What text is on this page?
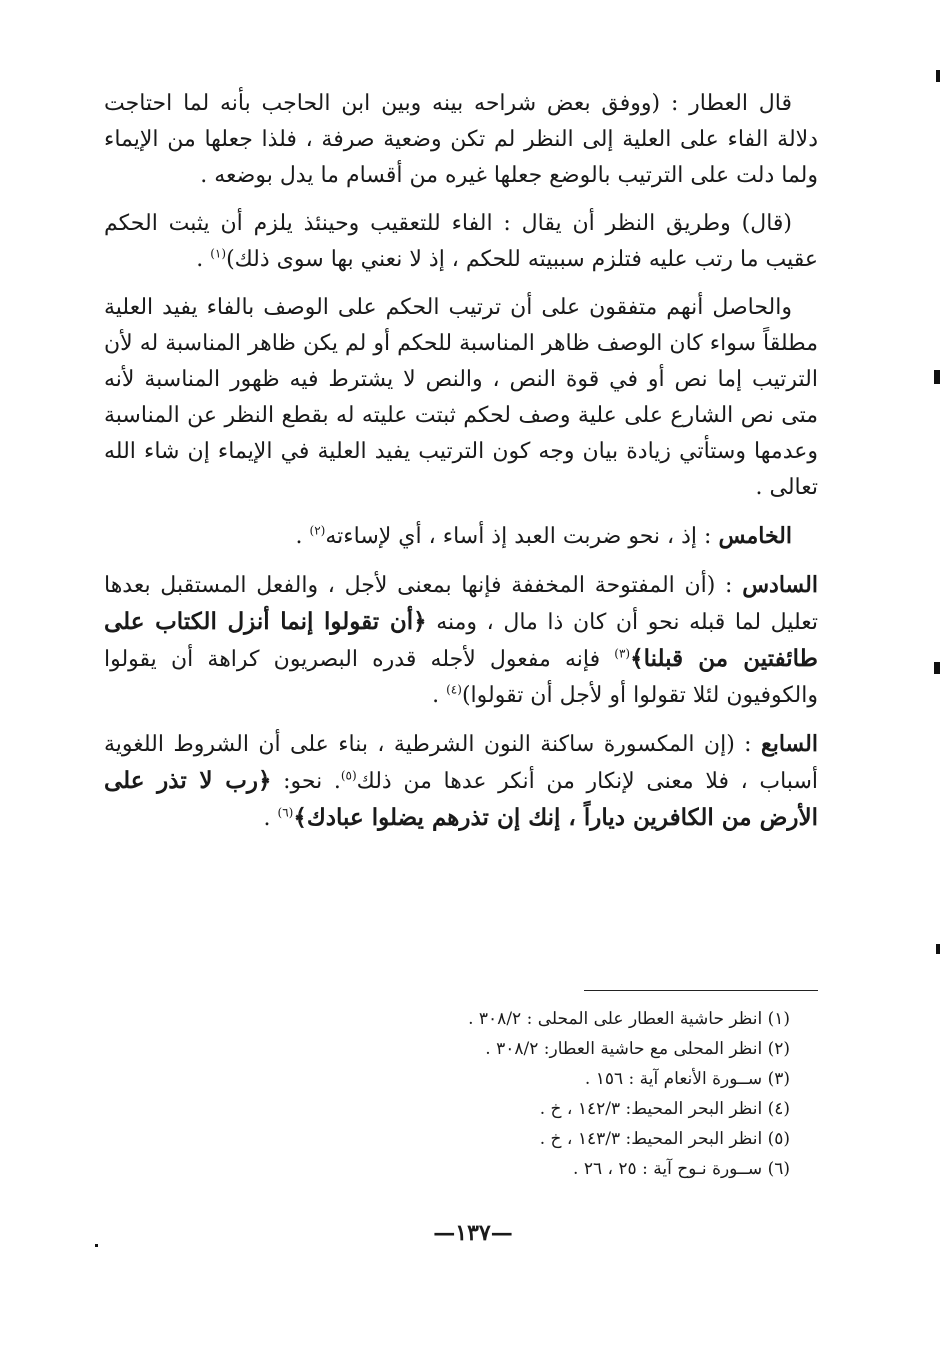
قال العطار : (ووفق بعض شراحه بينه وبين ابن الحاجب بأنه لما احتاجت دلالة الفاء على العلية إلى النظر لم تكن وضعية صرفة ، فلذا جعلها من الإيماء ولما دلت على الترتيب بالوضع جعلها غيره من أقسام ما يدل بوضعه .

(قال) وطريق النظر أن يقال : الفاء للتعقيب وحينئذ يلزم أن يثبت الحكم عقيب ما رتب عليه فتلزم سببيته للحكم ، إذ لا نعني بها سوى ذلك)$^{(١)}$ .

والحاصل أنهم متفقون على أن ترتيب الحكم على الوصف بالفاء يفيد العلية مطلقاً سواء كان الوصف ظاهر المناسبة للحكم أو لم يكن ظاهر المناسبة له لأن الترتيب إما نص أو في قوة النص ، والنص لا يشترط فيه ظهور المناسبة لأنه متى نص الشارع على علية وصف لحكم ثبتت عليته له بقطع النظر عن المناسبة وعدمها وستأتي زيادة بيان وجه كون الترتيب يفيد العلية في الإيماء إن شاء الله تعالى .

الخامس : إذ ، نحو ضربت العبد إذ أساء ، أي لإساءته$^{(٢)}$ .

السادس : (أن المفتوحة المخففة فإنها بمعنى لأجل ، والفعل المستقبل بعدها تعليل لما قبله نحو أن كان ذا مال ، ومنه ﴿أن تقولوا إنما أنزل الكتاب على طائفتين من قبلنا﴾$^{(٣)}$ فإنه مفعول لأجله قدره البصريون كراهة أن يقولوا والكوفيون لئلا تقولوا أو لأجل أن تقولوا)$^{(٤)}$ .

السابع : (إن المكسورة ساكنة النون الشرطية ، بناء على أن الشروط اللغوية أسباب ، فلا معنى لإنكار من أنكر عدها من ذلك$^{(٥)}$. نحو: ﴿رب لا تذر على الأرض من الكافرين دياراً ، إنك إن تذرهم يضلوا عبادك﴾$^{(٦)}$ .

(١) انظر حاشية العطار على المحلى : ٣٠٨/٢ .

(٢) انظر المحلى مع حاشية العطار: ٣٠٨/٢ .

(٣) ســورة الأنعام آية : ١٥٦ .

(٤) انظر البحر المحيط: ١٤٢/٣ ، خ .

(٥) انظر البحر المحيط: ١٤٣/٣ ، خ .

(٦) ســورة نـوح آية : ٢٥ ، ٢٦ .

—١٣٧—
